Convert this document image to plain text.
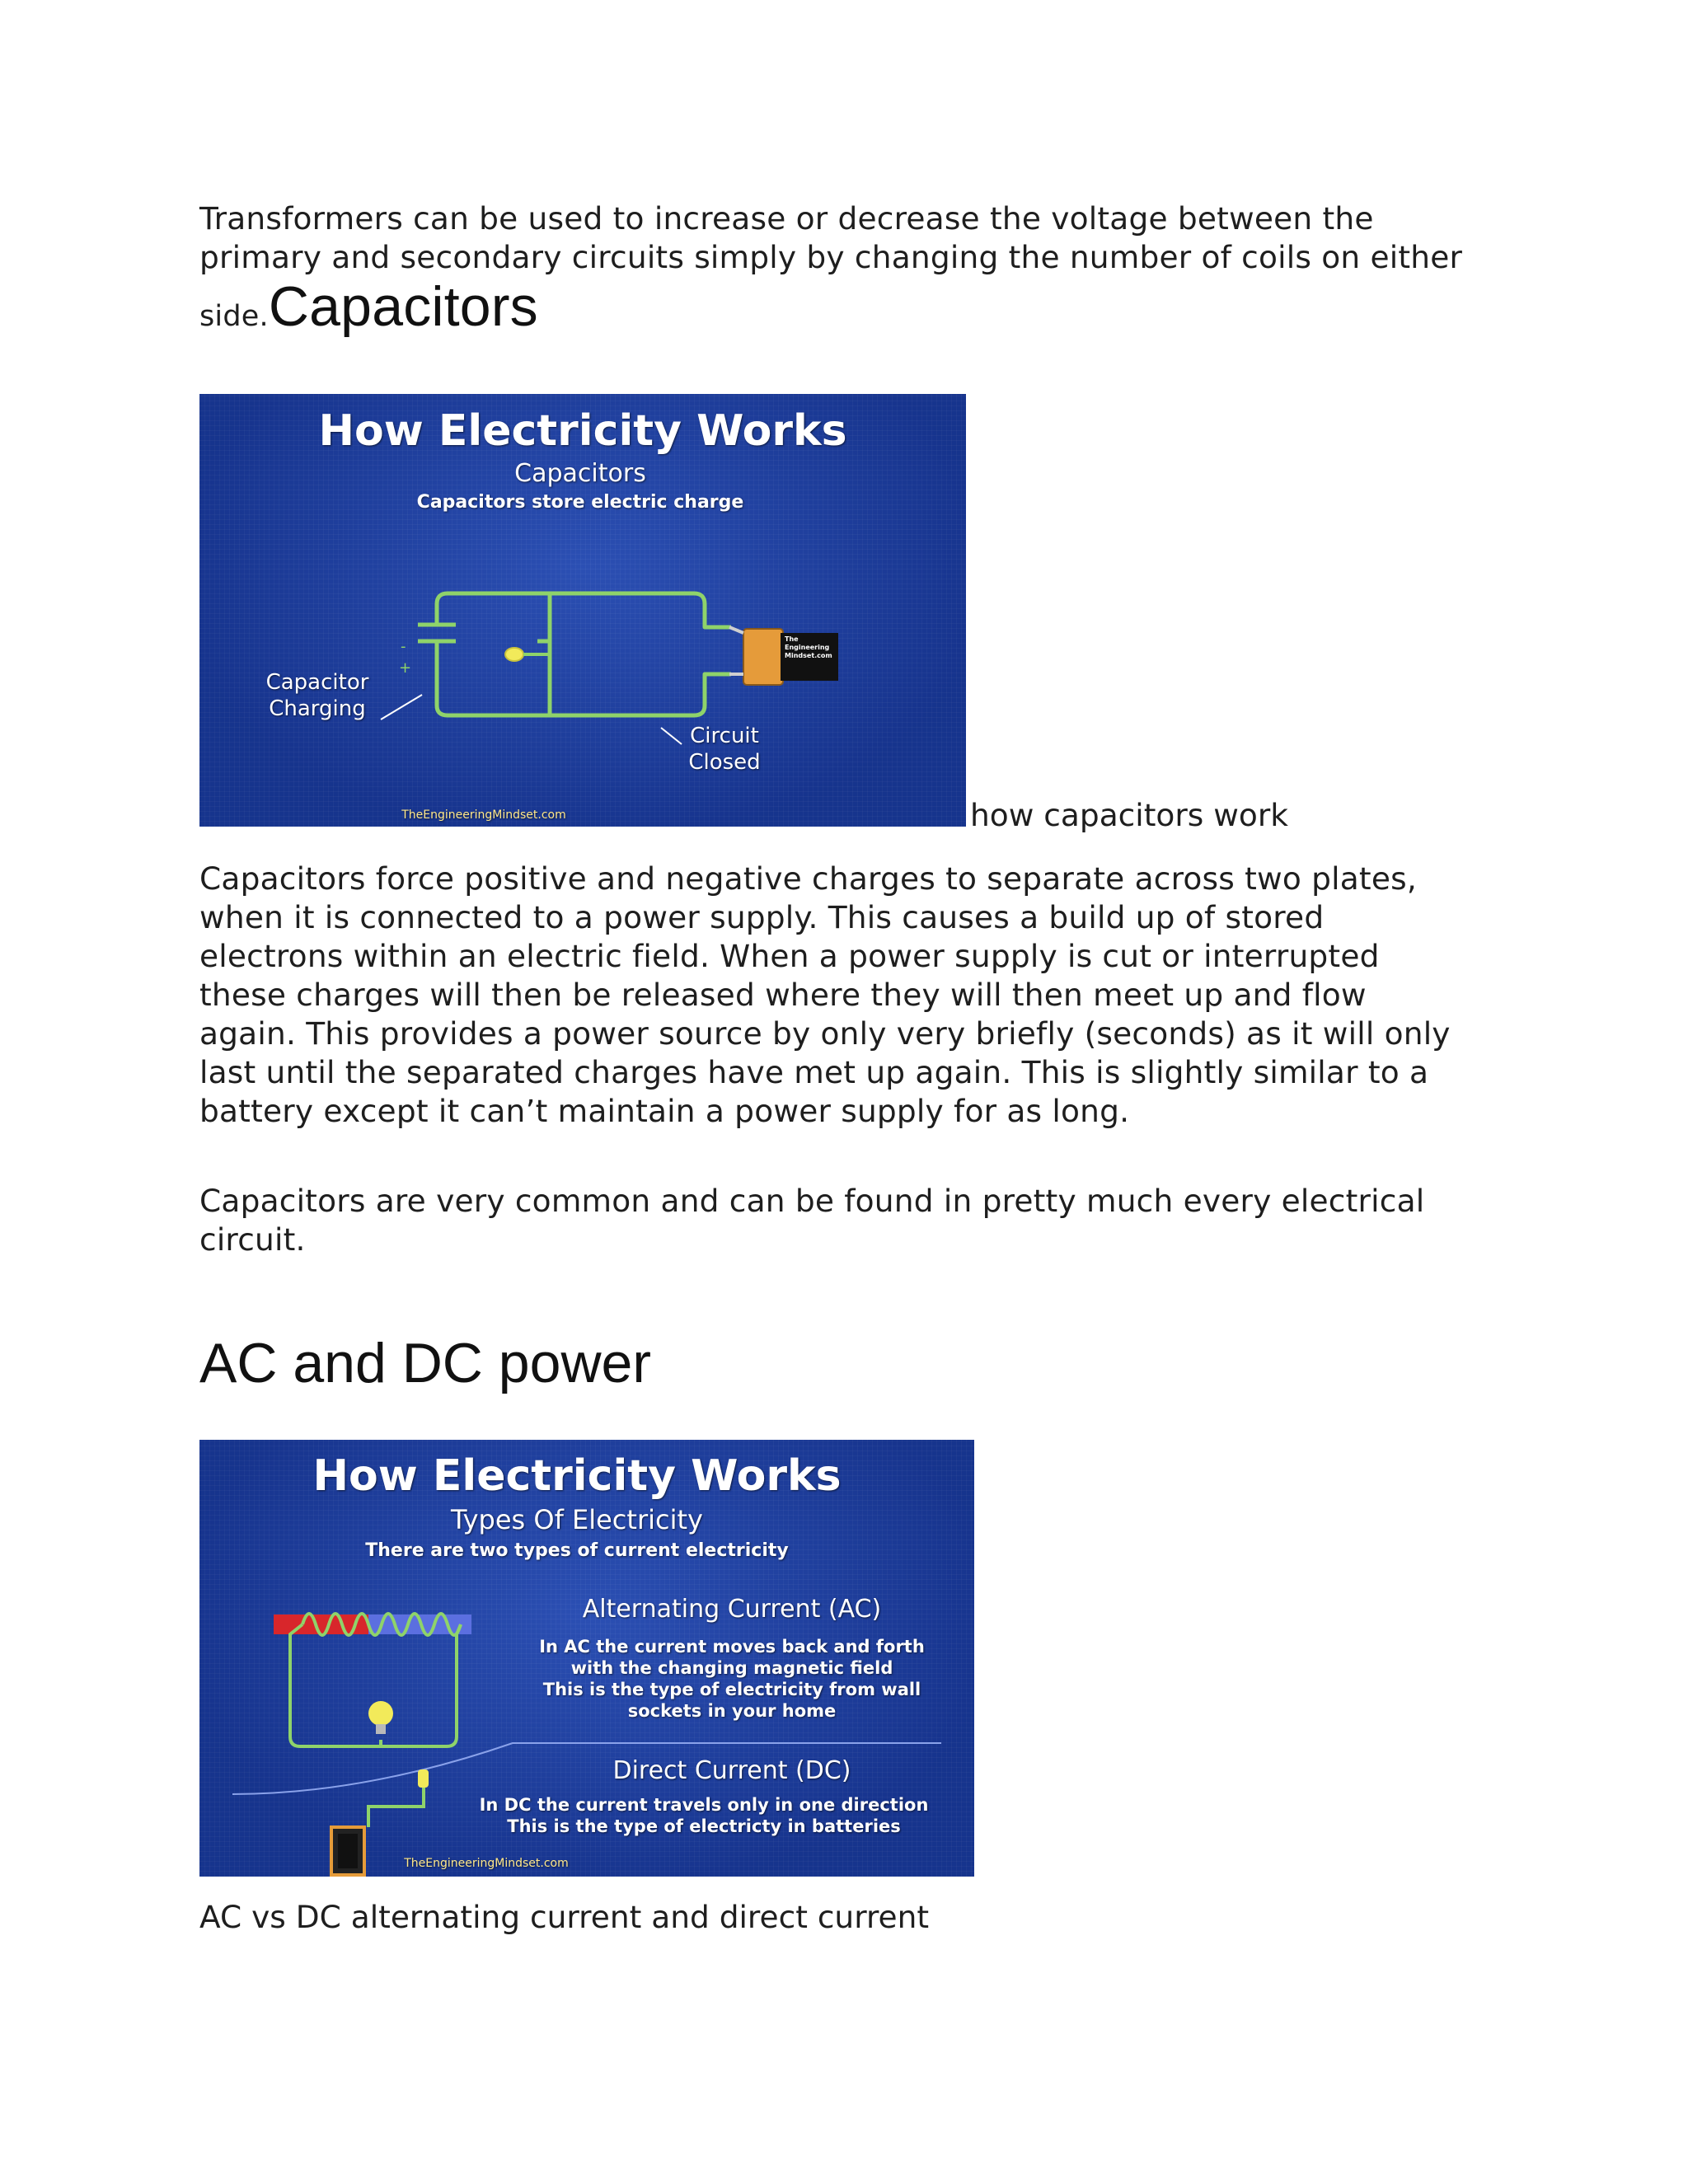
Transformers can be used to increase or decrease the voltage between the
primary and secondary circuits simply by changing the number of coils on either
side.Capacitors
-
+
How Electricity Works
Capacitors
Capacitors store electric charge
Capacitor
Charging
Circuit
Closed
The
Engineering
Mindset.com
TheEngineeringMindset.com	how capacitors work
Capacitors force positive and negative charges to separate across two plates,
when it is connected to a power supply. This causes a build up of stored
electrons within an electric field. When a power supply is cut or interrupted
these charges will then be released where they will then meet up and flow
again. This provides a power source by only very briefly (seconds) as it will only
last until the separated charges have met up again. This is slightly similar to a
battery except it can’t maintain a power supply for as long.
Capacitors are very common and can be found in pretty much every electrical
circuit.
AC and DC power
How Electricity Works
Types Of Electricity
There are two types of current electricity
Alternating Current (AC)
In AC the current moves back and forth
with the changing magnetic field
This is the type of electricity from wall
sockets in your home
Direct Current (DC)
In DC the current travels only in one direction
This is the type of electricty in batteries
TheEngineeringMindset.com
AC vs DC alternating current and direct current
